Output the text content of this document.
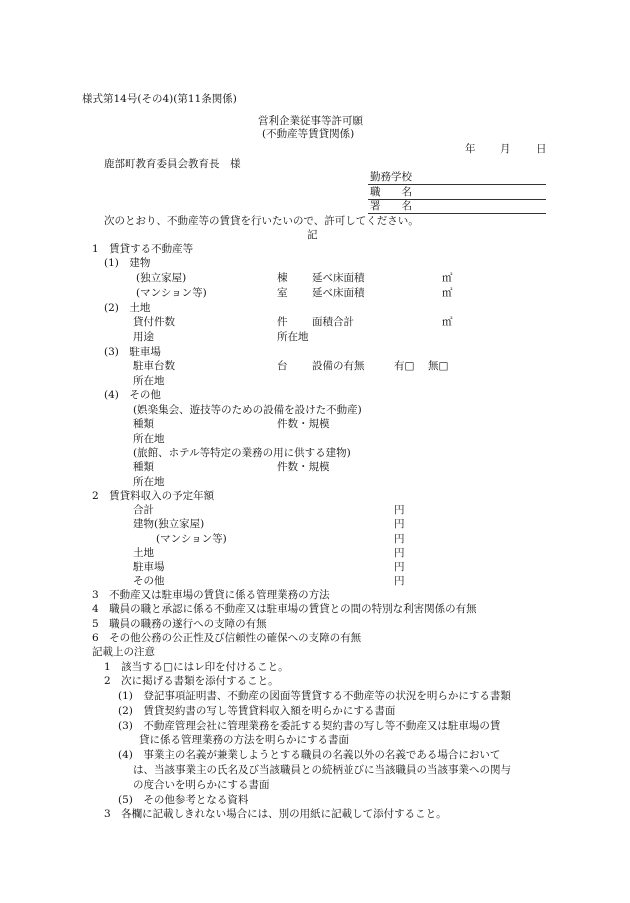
様式第14号(その4)(第11条関係)
営利企業従事等許可願
(不動産等賃貸関係)
年 月 日
鹿部町教育委員会教育長　様
勤務学校
職　　名
署　　名
次のとおり、不動産等の賃貸を行いたいので、許可してください。
記
1　賃貸する不動産等
(1)　建物
(独立家屋)	棟 延べ床面積	㎡
(マンション等)	室 延べ床面積	㎡
(2)　土地
貸付件数	件 面積合計	㎡
用途	所在地
(3)　駐車場
駐車台数	台 設備の有無	有□ 無□
所在地
(4)　その他
(娯楽集会、遊技等のための設備を設けた不動産)
種類	件数・規模
所在地
(旅館、ホテル等特定の業務の用に供する建物)
種類	件数・規模
所在地
2　賃貸料収入の予定年額
合計	円
建物(独立家屋)	円
(マンション等)	円
土地	円
駐車場	円
その他	円
3　不動産又は駐車場の賃貸に係る管理業務の方法
4　職員の職と承認に係る不動産又は駐車場の賃貸との間の特別な利害関係の有無
5　職員の職務の遂行への支障の有無
6　その他公務の公正性及び信頼性の確保への支障の有無
記載上の注意
1　該当する□にはレ印を付けること。
2　次に掲げる書類を添付すること。
(1)　登記事項証明書、不動産の図面等賃貸する不動産等の状況を明らかにする書類
(2)　賃貸契約書の写し等賃貸料収入額を明らかにする書面
(3)　不動産管理会社に管理業務を委託する契約書の写し等不動産又は駐車場の賃
貸に係る管理業務の方法を明らかにする書面
(4)　事業主の名義が兼業しようとする職員の名義以外の名義である場合において
は、当該事業主の氏名及び当該職員との続柄並びに当該職員の当該事業への関与
の度合いを明らかにする書面
(5)　その他参考となる資料
3　各欄に記載しきれない場合には、別の用紙に記載して添付すること。
